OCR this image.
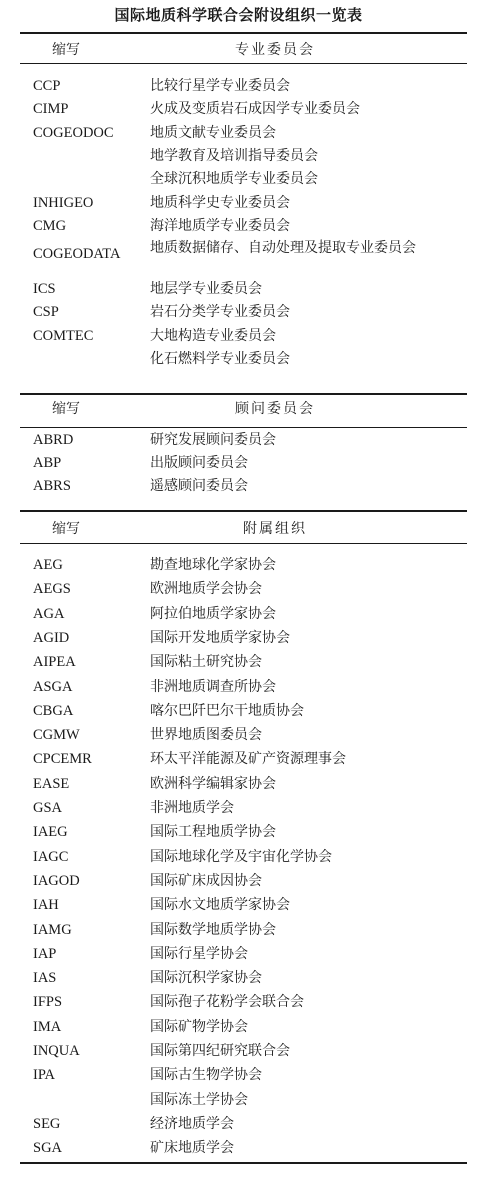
国际地质科学联合会附设组织一览表
缩写	专业委员会
CCP	比较行星学专业委员会
CIMP	火成及变质岩石成因学专业委员会
COGEODOC	地质文献专业委员会
地学教育及培训指导委员会
全球沉积地质学专业委员会
INHIGEO	地质科学史专业委员会
CMG	海洋地质学专业委员会
COGEODATA	地质数据储存、自动处理及提取专业委员会
ICS	地层学专业委员会
CSP	岩石分类学专业委员会
COMTEC	大地构造专业委员会
化石燃料学专业委员会
缩写	顾问委员会
ABRD	研究发展顾问委员会
ABP	出版顾问委员会
ABRS	遥感顾问委员会
缩写	附属组织
AEG	勘查地球化学家协会
AEGS	欧洲地质学会协会
AGA	阿拉伯地质学家协会
AGID	国际开发地质学家协会
AIPEA	国际粘土研究协会
ASGA	非洲地质调查所协会
CBGA	喀尔巴阡巴尔干地质协会
CGMW	世界地质图委员会
CPCEMR	环太平洋能源及矿产资源理事会
EASE	欧洲科学编辑家协会
GSA	非洲地质学会
IAEG	国际工程地质学协会
IAGC	国际地球化学及宇宙化学协会
IAGOD	国际矿床成因协会
IAH	国际水文地质学家协会
IAMG	国际数学地质学协会
IAP	国际行星学协会
IAS	国际沉积学家协会
IFPS	国际孢子花粉学会联合会
IMA	国际矿物学协会
INQUA	国际第四纪研究联合会
IPA	国际古生物学协会
国际冻土学协会
SEG	经济地质学会
SGA	矿床地质学会
